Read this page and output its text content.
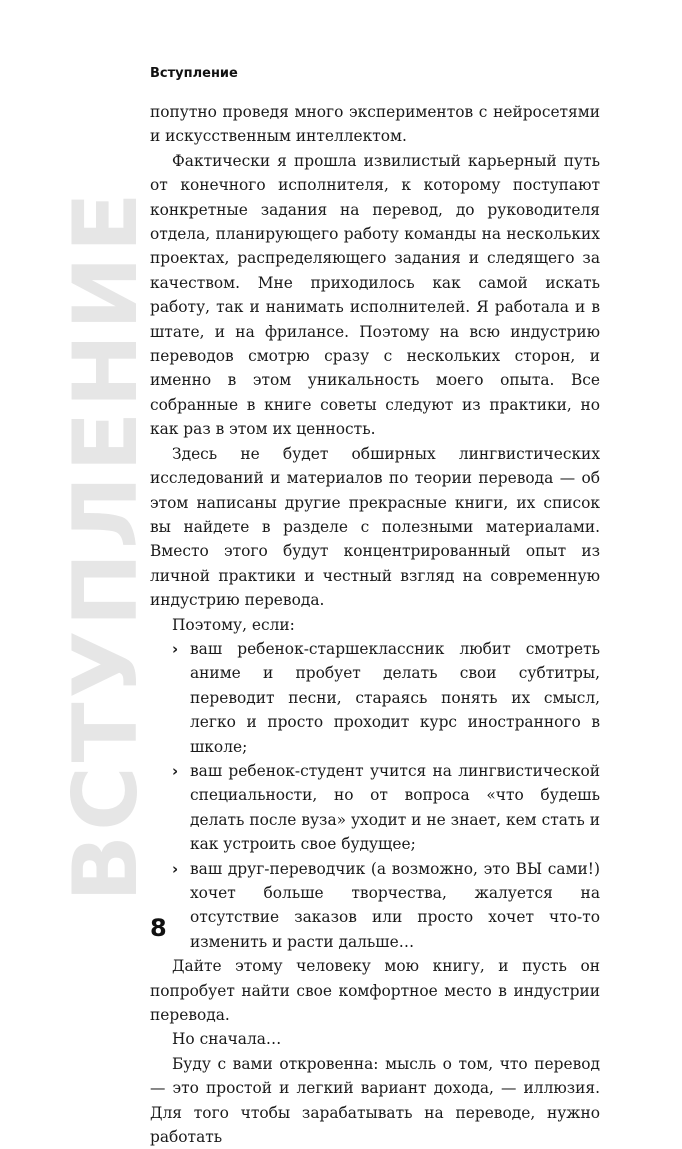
ВСТУПЛЕНИЕ
Вступление

попутно проведя много экспериментов с нейросетями и искусственным интеллектом.

Фактически я прошла извилистый карьерный путь от конечного исполнителя, к которому поступают конкретные задания на перевод, до руководителя отдела, планирующего работу команды на нескольких проектах, распределяющего задания и следящего за качеством. Мне приходилось как самой искать работу, так и нанимать исполнителей. Я работала и в штате, и на фрилансе. Поэтому на всю индустрию переводов смотрю сразу с нескольких сторон, и именно в этом уникальность моего опыта. Все собранные в книге советы следуют из практики, но как раз в этом их ценность.

Здесь не будет обширных лингвистических исследований и материалов по теории перевода — об этом написаны другие прекрасные книги, их список вы найдете в разделе с полезными материалами. Вместо этого будут концентрированный опыт из личной практики и честный взгляд на современную индустрию перевода.

Поэтому, если:

› ваш ребенок-старшеклассник любит смотреть аниме и пробует делать свои субтитры, переводит песни, стараясь понять их смысл, легко и просто проходит курс иностранного в школе;
› ваш ребенок-студент учится на лингвистической специальности, но от вопроса «что будешь делать после вуза» уходит и не знает, кем стать и как устроить свое будущее;
› ваш друг-переводчик (а возможно, это ВЫ сами!) хочет больше творчества, жалуется на отсутствие заказов или просто хочет что-то изменить и расти дальше…

Дайте этому человеку мою книгу, и пусть он попробует найти свое комфортное место в индустрии перевода.

Но сначала…

Буду с вами откровенна: мысль о том, что перевод — это простой и легкий вариант дохода, — иллюзия. Для того чтобы зарабатывать на переводе, нужно работать

8
